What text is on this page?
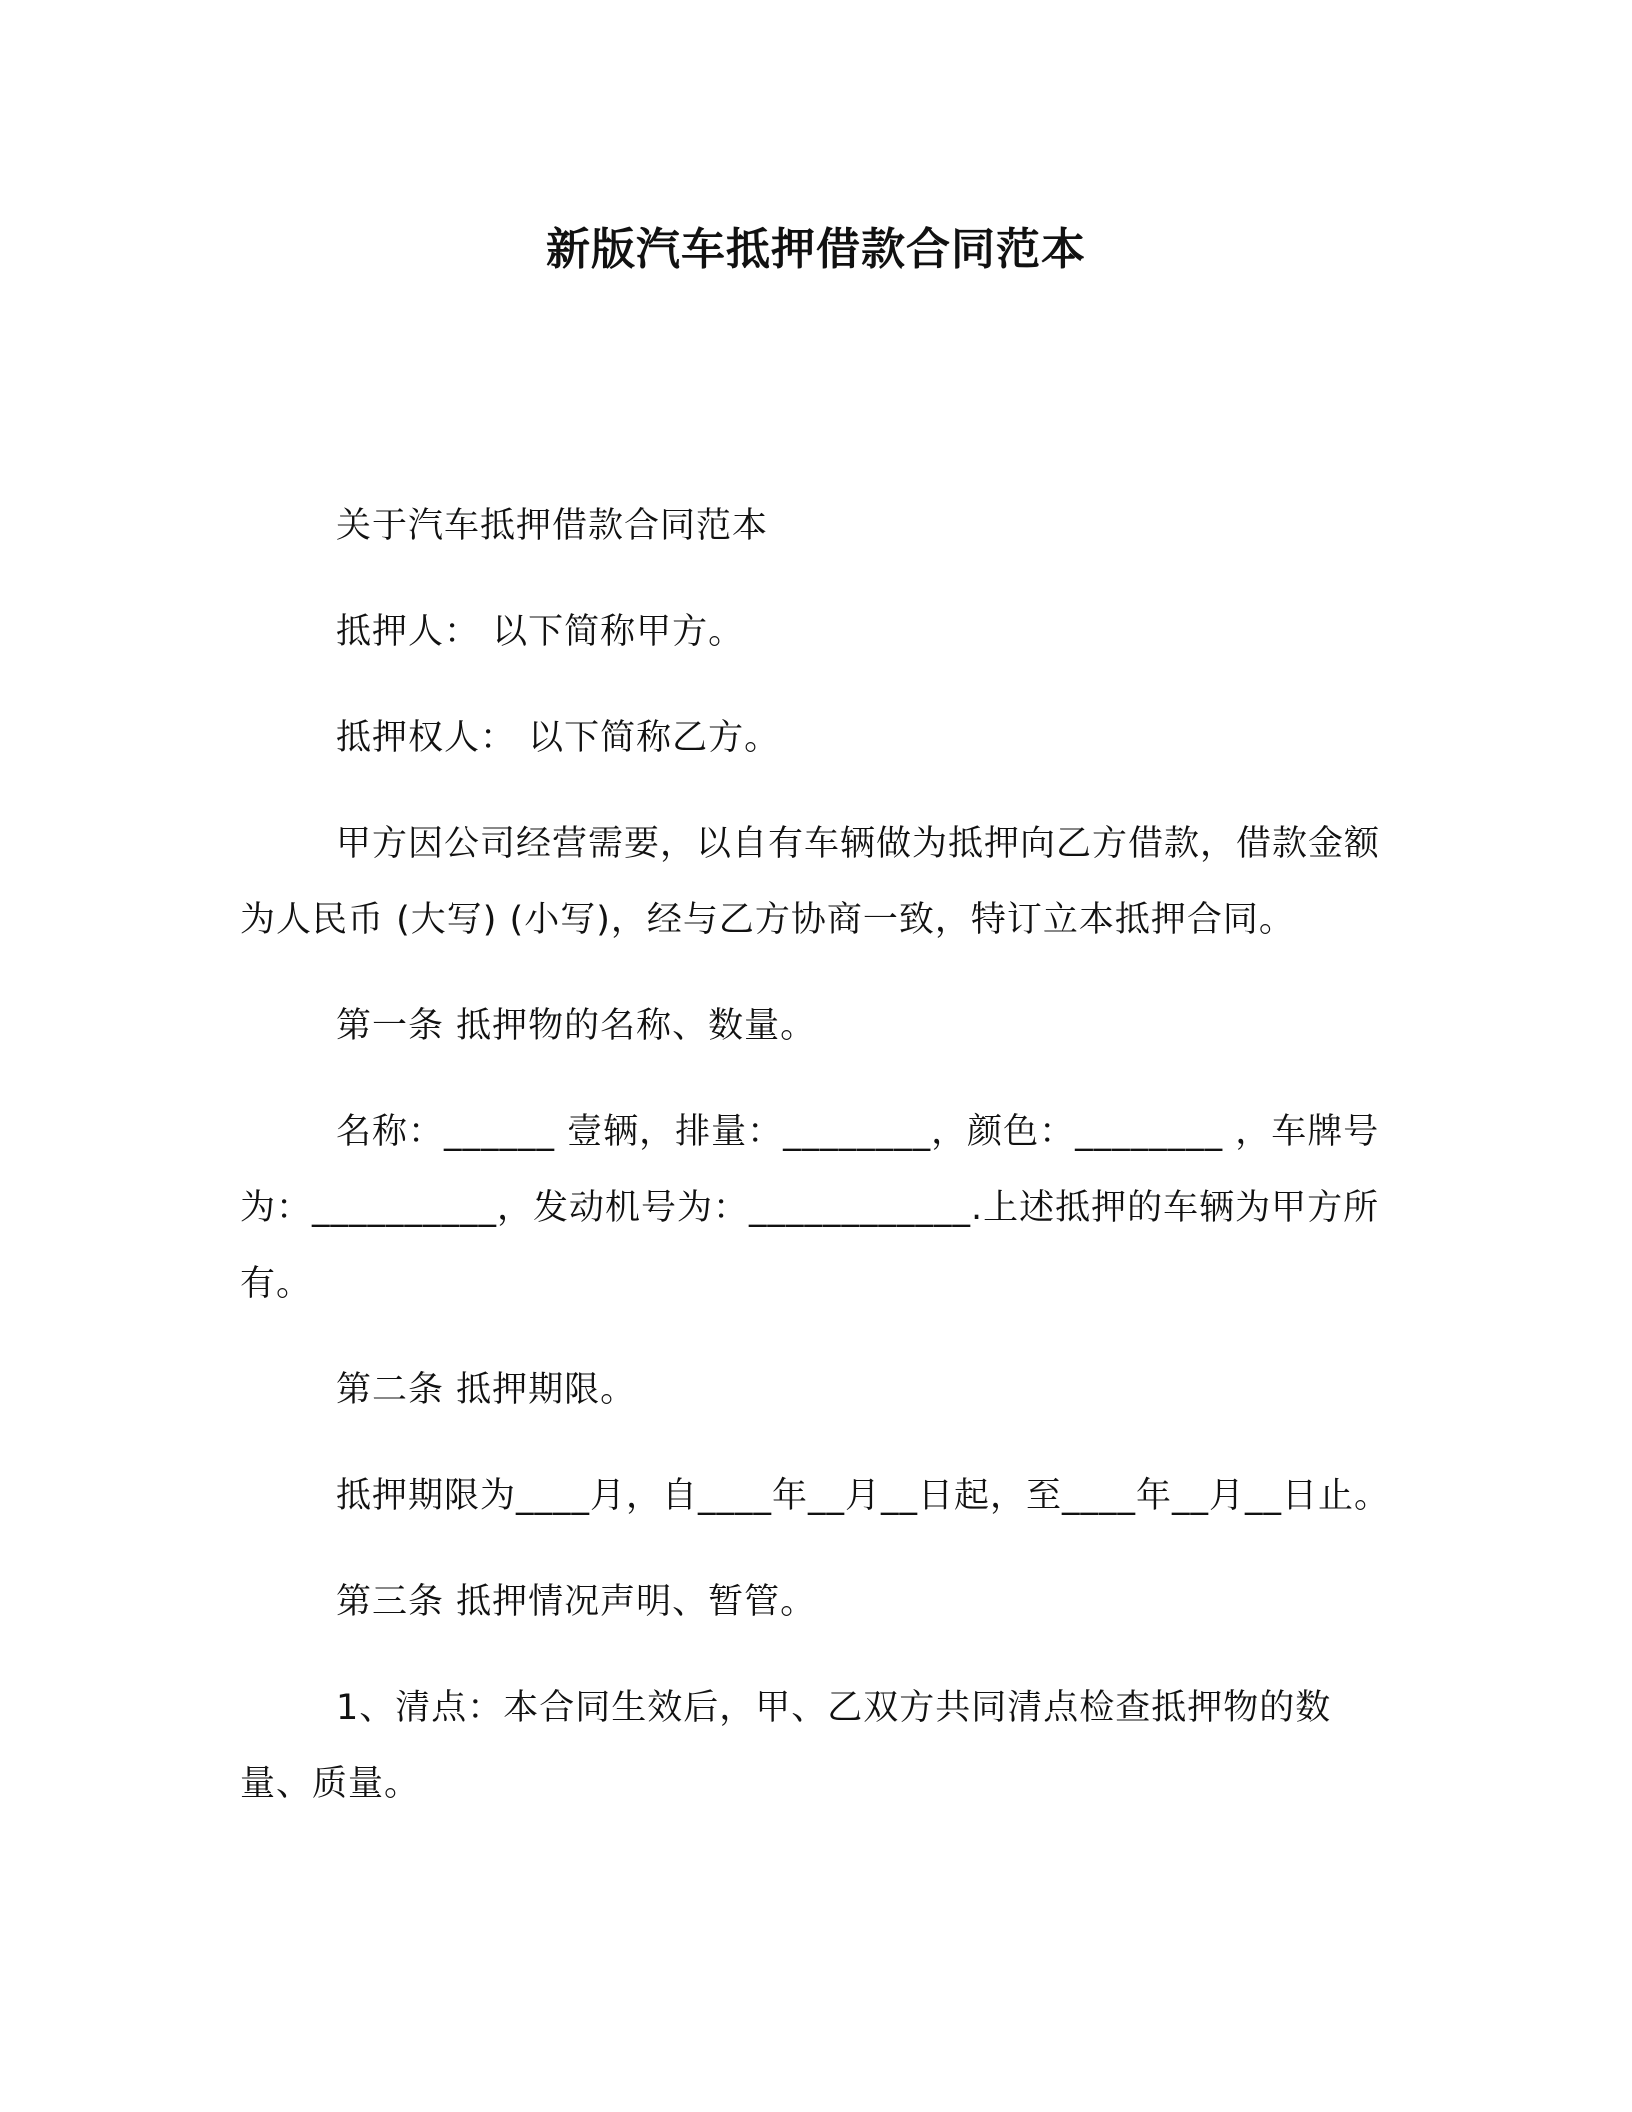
新版汽车抵押借款合同范本

关于汽车抵押借款合同范本

抵押人： 以下简称甲方。

抵押权人： 以下简称乙方。

甲方因公司经营需要，以自有车辆做为抵押向乙方借款，借款金额为人民币 (大写) (小写)，经与乙方协商一致，特订立本抵押合同。

第一条 抵押物的名称、数量。

名称：______ 壹辆，排量：________，颜色：________ ，车牌号为：__________，发动机号为：____________.上述抵押的车辆为甲方所有。

第二条 抵押期限。

抵押期限为____月，自____年__月__日起，至____年__月__日止。

第三条 抵押情况声明、暂管。

1、清点：本合同生效后，甲、乙双方共同清点检查抵押物的数量、质量。
